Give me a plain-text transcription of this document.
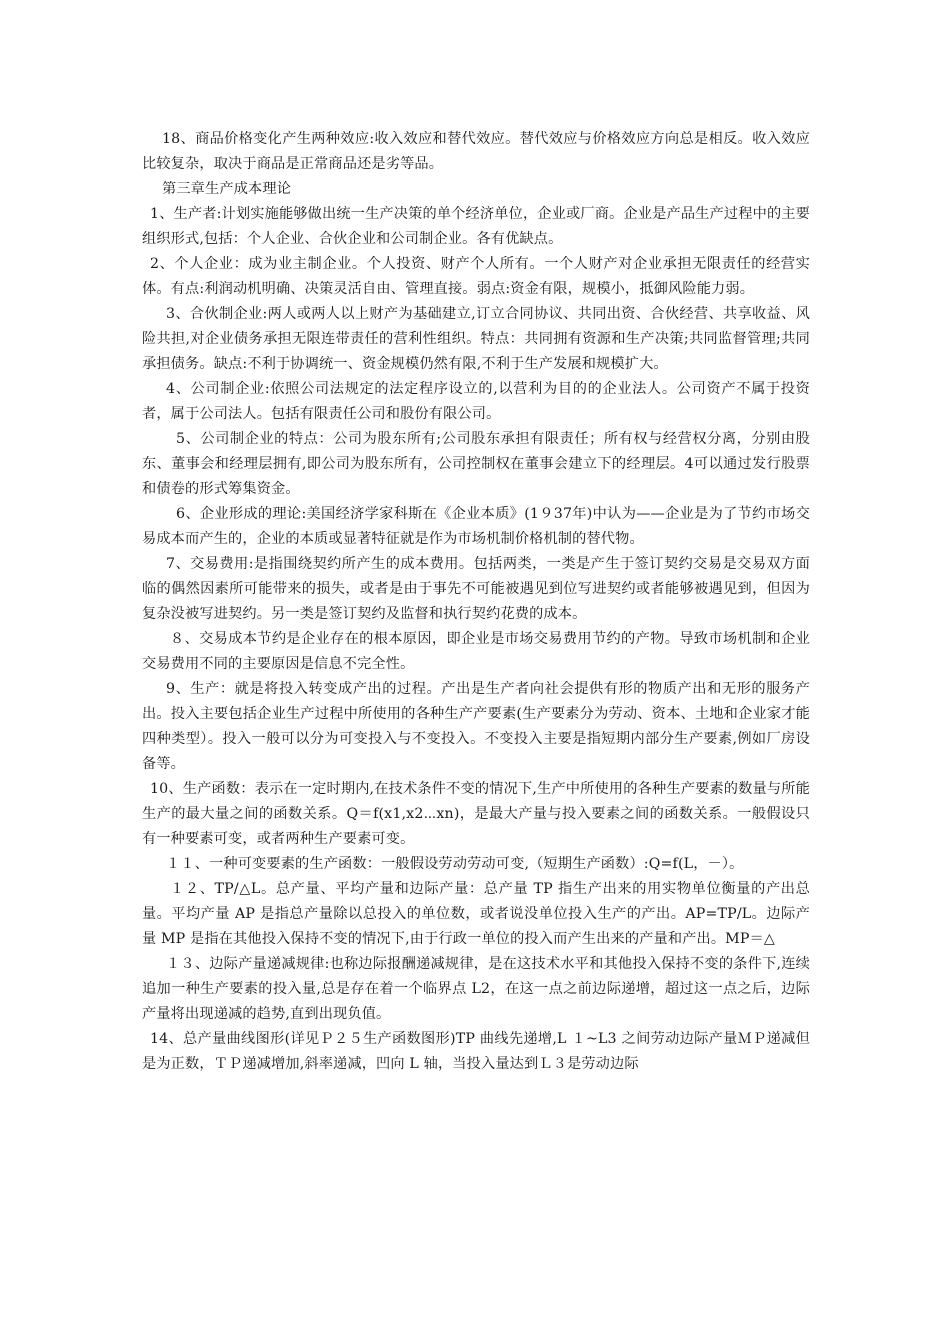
18、商品价格变化产生两种效应:收入效应和替代效应。替代效应与价格效应方向总是相反。收入效应比较复杂，取决于商品是正常商品还是劣等品。

第三章生产成本理论

1、生产者:计划实施能够做出统一生产决策的单个经济单位，企业或厂商。企业是产品生产过程中的主要组织形式,包括：个人企业、合伙企业和公司制企业。各有优缺点。

2、个人企业：成为业主制企业。个人投资、财产个人所有。一个人财产对企业承担无限责任的经营实体。有点:利润动机明确、决策灵活自由、管理直接。弱点:资金有限，规模小，抵御风险能力弱。

3、合伙制企业:两人或两人以上财产为基础建立,订立合同协议、共同出资、合伙经营、共享收益、风险共担,对企业债务承担无限连带责任的营利性组织。特点：共同拥有资源和生产决策;共同监督管理;共同承担债务。缺点:不利于协调统一、资金规模仍然有限,不利于生产发展和规模扩大。

4、公司制企业:依照公司法规定的法定程序设立的,以营利为目的的企业法人。公司资产不属于投资者，属于公司法人。包括有限责任公司和股份有限公司。

5、公司制企业的特点：公司为股东所有;公司股东承担有限责任；所有权与经营权分离，分别由股东、董事会和经理层拥有,即公司为股东所有，公司控制权在董事会建立下的经理层。4可以通过发行股票和债卷的形式筹集资金。

6、企业形成的理论:美国经济学家科斯在《企业本质》(1９37年)中认为——企业是为了节约市场交易成本而产生的，企业的本质或显著特征就是作为市场机制价格机制的替代物。

7、交易费用:是指围绕契约所产生的成本费用。包括两类，一类是产生于签订契约交易是交易双方面临的偶然因素所可能带来的损失，或者是由于事先不可能被遇见到位写进契约或者能够被遇见到，但因为复杂没被写进契约。另一类是签订契约及监督和执行契约花费的成本。

８、交易成本节约是企业存在的根本原因，即企业是市场交易费用节约的产物。导致市场机制和企业交易费用不同的主要原因是信息不完全性。

9、生产：就是将投入转变成产出的过程。产出是生产者向社会提供有形的物质产出和无形的服务产出。投入主要包括企业生产过程中所使用的各种生产产要素(生产要素分为劳动、资本、土地和企业家才能四种类型）。投入一般可以分为可变投入与不变投入。不变投入主要是指短期内部分生产要素,例如厂房设备等。

10、生产函数：表示在一定时期内,在技术条件不变的情况下,生产中所使用的各种生产要素的数量与所能生产的最大量之间的函数关系。Q＝f(x1,x2⋯xn)，是最大产量与投入要素之间的函数关系。一般假设只有一种要素可变，或者两种生产要素可变。

１１、一种可变要素的生产函数：一般假设劳动劳动可变,（短期生产函数）:Q=f(L，－）。

１２、TP/△L。总产量、平均产量和边际产量：总产量 TP 指生产出来的用实物单位衡量的产出总量。平均产量 AP 是指总产量除以总投入的单位数，或者说没单位投入生产的产出。AP=TP/L。边际产量 MP 是指在其他投入保持不变的情况下,由于行政一单位的投入而产生出来的产量和产出。MP＝△

１３、边际产量递减规律:也称边际报酬递减规律，是在这技术水平和其他投入保持不变的条件下,连续追加一种生产要素的投入量,总是存在着一个临界点 L2，在这一点之前边际递增，超过这一点之后，边际产量将出现递减的趋势,直到出现负值。

14、总产量曲线图形(详见Ｐ２５生产函数图形)TP 曲线先递增,L １~L3 之间劳动边际产量ＭＰ递减但是为正数，ＴＰ递减增加,斜率递减，凹向 L 轴，当投入量达到Ｌ３是劳动边际
